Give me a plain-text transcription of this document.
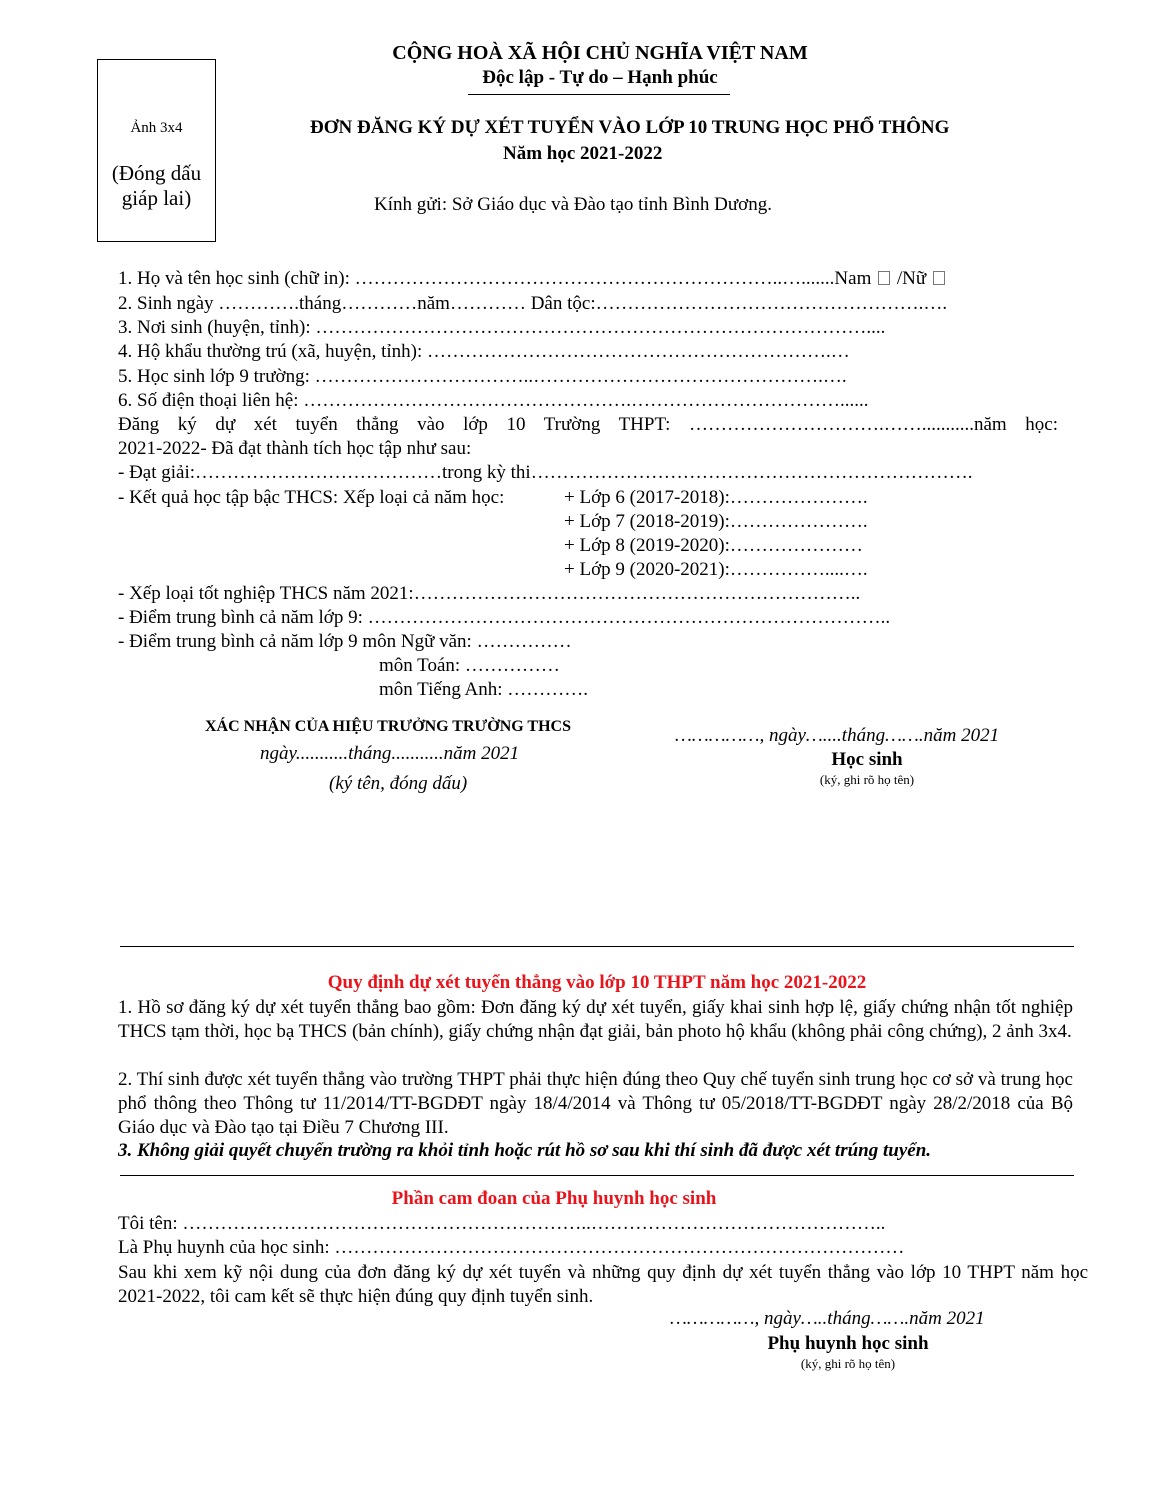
Ảnh 3x4
(Đóng dấu giáp lai)
CỘNG HOÀ XÃ HỘI CHỦ NGHĨA VIỆT NAM
Độc lập - Tự do – Hạnh phúc
ĐƠN ĐĂNG KÝ DỰ XÉT TUYỂN VÀO LỚP 10 TRUNG HỌC PHỔ THÔNG
Năm học 2021-2022
Kính gửi: Sở Giáo dục và Đào tạo tỉnh Bình Dương.
1. Họ và tên học sinh (chữ in): …………………………………………………………..….......Nam /Nữ
2. Sinh ngày ………….tháng…………năm………… Dân tộc:…………………………………………….….
3. Nơi sinh (huyện, tỉnh): ……………………………………………………………………………....
4. Hộ khẩu thường trú (xã, huyện, tỉnh): ……………………………………………………….…
5. Học sinh lớp 9 trường: ……………………………..……………………………………….….
6. Số điện thoại liên hệ: …………………………………………….……………………………......
Đăng ký dự xét tuyển thẳng vào lớp 10 Trường THPT: ………………………….……...........năm học:
2021-2022- Đã đạt thành tích học tập như sau:
- Đạt giải:…………………………………trong kỳ thi…………………………………………………………….
- Kết quả học tập bậc THCS: Xếp loại cả năm học:	+ Lớp 6 (2017-2018):………………….
+ Lớp 7 (2018-2019):………………….
+ Lớp 8 (2019-2020):…………………
+ Lớp 9 (2020-2021):……………....….
- Xếp loại tốt nghiệp THCS năm 2021:……………………………………………………………..
- Điểm trung bình cả năm lớp 9: ………………………………………………………………………..
- Điểm trung bình cả năm lớp 9 môn Ngữ văn: ……………
môn Toán: ……………
môn Tiếng Anh: ………….
XÁC NHẬN CỦA HIỆU TRƯỞNG TRƯỜNG THCS
ngày...........tháng...........năm 2021
(ký tên, đóng dấu)
……………, ngày…....tháng…….năm 2021
Học sinh
(ký, ghi rõ họ tên)
Quy định dự xét tuyển thẳng vào lớp 10 THPT năm học 2021-2022
1. Hồ sơ đăng ký dự xét tuyển thẳng bao gồm: Đơn đăng ký dự xét tuyển, giấy khai sinh hợp lệ, giấy chứng nhận tốt nghiệp THCS tạm thời, học bạ THCS (bản chính), giấy chứng nhận đạt giải, bản photo hộ khẩu (không phải công chứng), 2 ảnh 3x4.
2. Thí sinh được xét tuyển thẳng vào trường THPT phải thực hiện đúng theo Quy chế tuyển sinh trung học cơ sở và trung học phổ thông theo Thông tư 11/2014/TT-BGDĐT ngày 18/4/2014 và Thông tư 05/2018/TT-BGDĐT ngày 28/2/2018 của Bộ Giáo dục và Đào tạo tại Điều 7 Chương III.
3. Không giải quyết chuyển trường ra khỏi tỉnh hoặc rút hồ sơ sau khi thí sinh đã được xét trúng tuyển.
Phần cam đoan của Phụ huynh học sinh
Tôi tên: ………………………………………………………..………………………………………..
Là Phụ huynh của học sinh: ………………………………………………………………………………
Sau khi xem kỹ nội dung của đơn đăng ký dự xét tuyển và những quy định dự xét tuyển thẳng vào lớp 10 THPT năm học 2021-2022, tôi cam kết sẽ thực hiện đúng quy định tuyển sinh.
……………, ngày…..tháng…….năm 2021
Phụ huynh học sinh
(ký, ghi rõ họ tên)
